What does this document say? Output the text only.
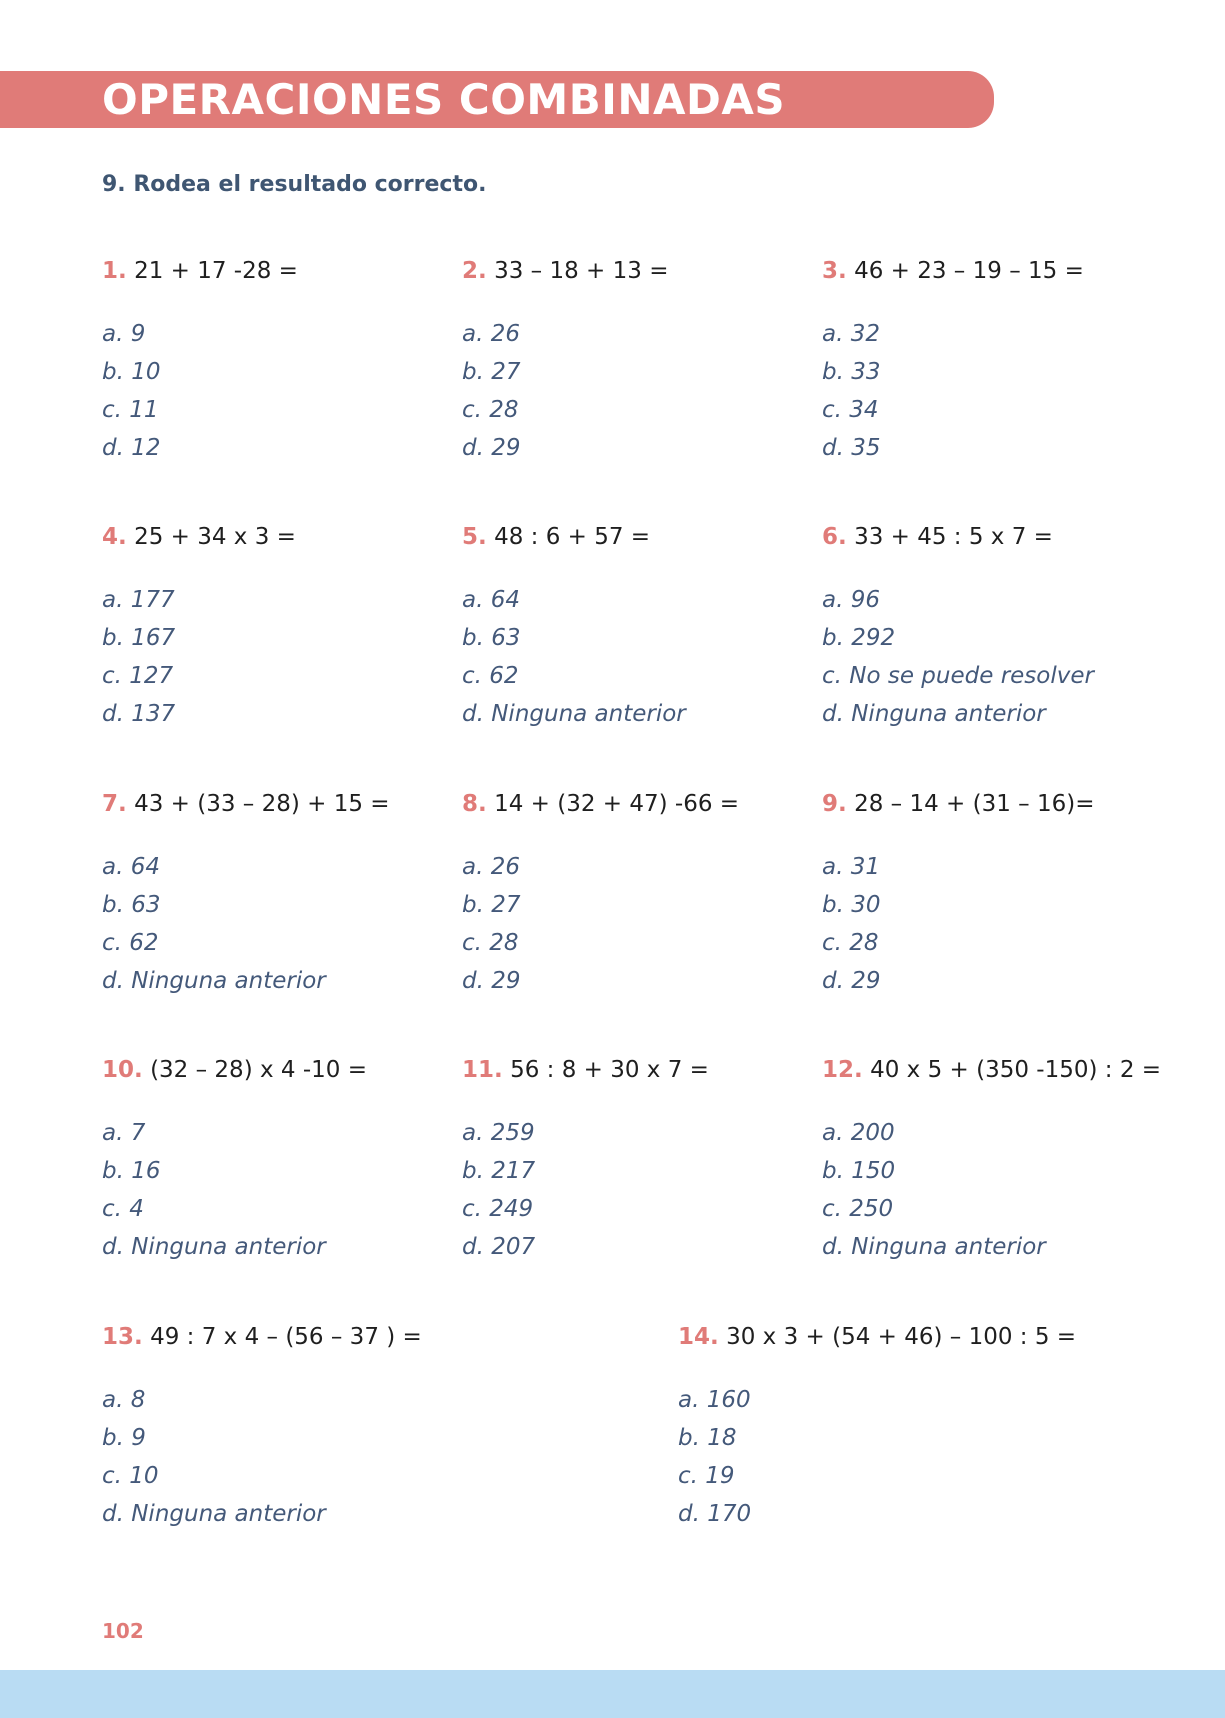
OPERACIONES COMBINADAS
9. Rodea el resultado correcto.
1. 21 + 17 -28 =
a. 9
b. 10
c. 11
d. 12
2. 33 – 18 + 13 =
a. 26
b. 27
c. 28
d. 29
3. 46 + 23 – 19 – 15 =
a. 32
b. 33
c. 34
d. 35
4. 25 + 34 x 3 =
a. 177
b. 167
c. 127
d. 137
5. 48 : 6 + 57 =
a. 64
b. 63
c. 62
d. Ninguna anterior
6. 33 + 45 : 5 x 7 =
a. 96
b. 292
c. No se puede resolver
d. Ninguna anterior
7. 43 + (33 – 28) + 15 =
a. 64
b. 63
c. 62
d. Ninguna anterior
8. 14 + (32 + 47) -66 =
a. 26
b. 27
c. 28
d. 29
9. 28 – 14 + (31 – 16)=
a. 31
b. 30
c. 28
d. 29
10. (32 – 28) x 4 -10 =
a. 7
b. 16
c. 4
d. Ninguna anterior
11. 56 : 8 + 30 x 7 =
a. 259
b. 217
c. 249
d. 207
12. 40 x 5 + (350 -150) : 2 =
a. 200
b. 150
c. 250
d. Ninguna anterior
13. 49 : 7 x 4 – (56 – 37 ) =
a. 8
b. 9
c. 10
d. Ninguna anterior
14. 30 x 3 + (54 + 46) – 100 : 5 =
a. 160
b. 18
c. 19
d. 170
102
